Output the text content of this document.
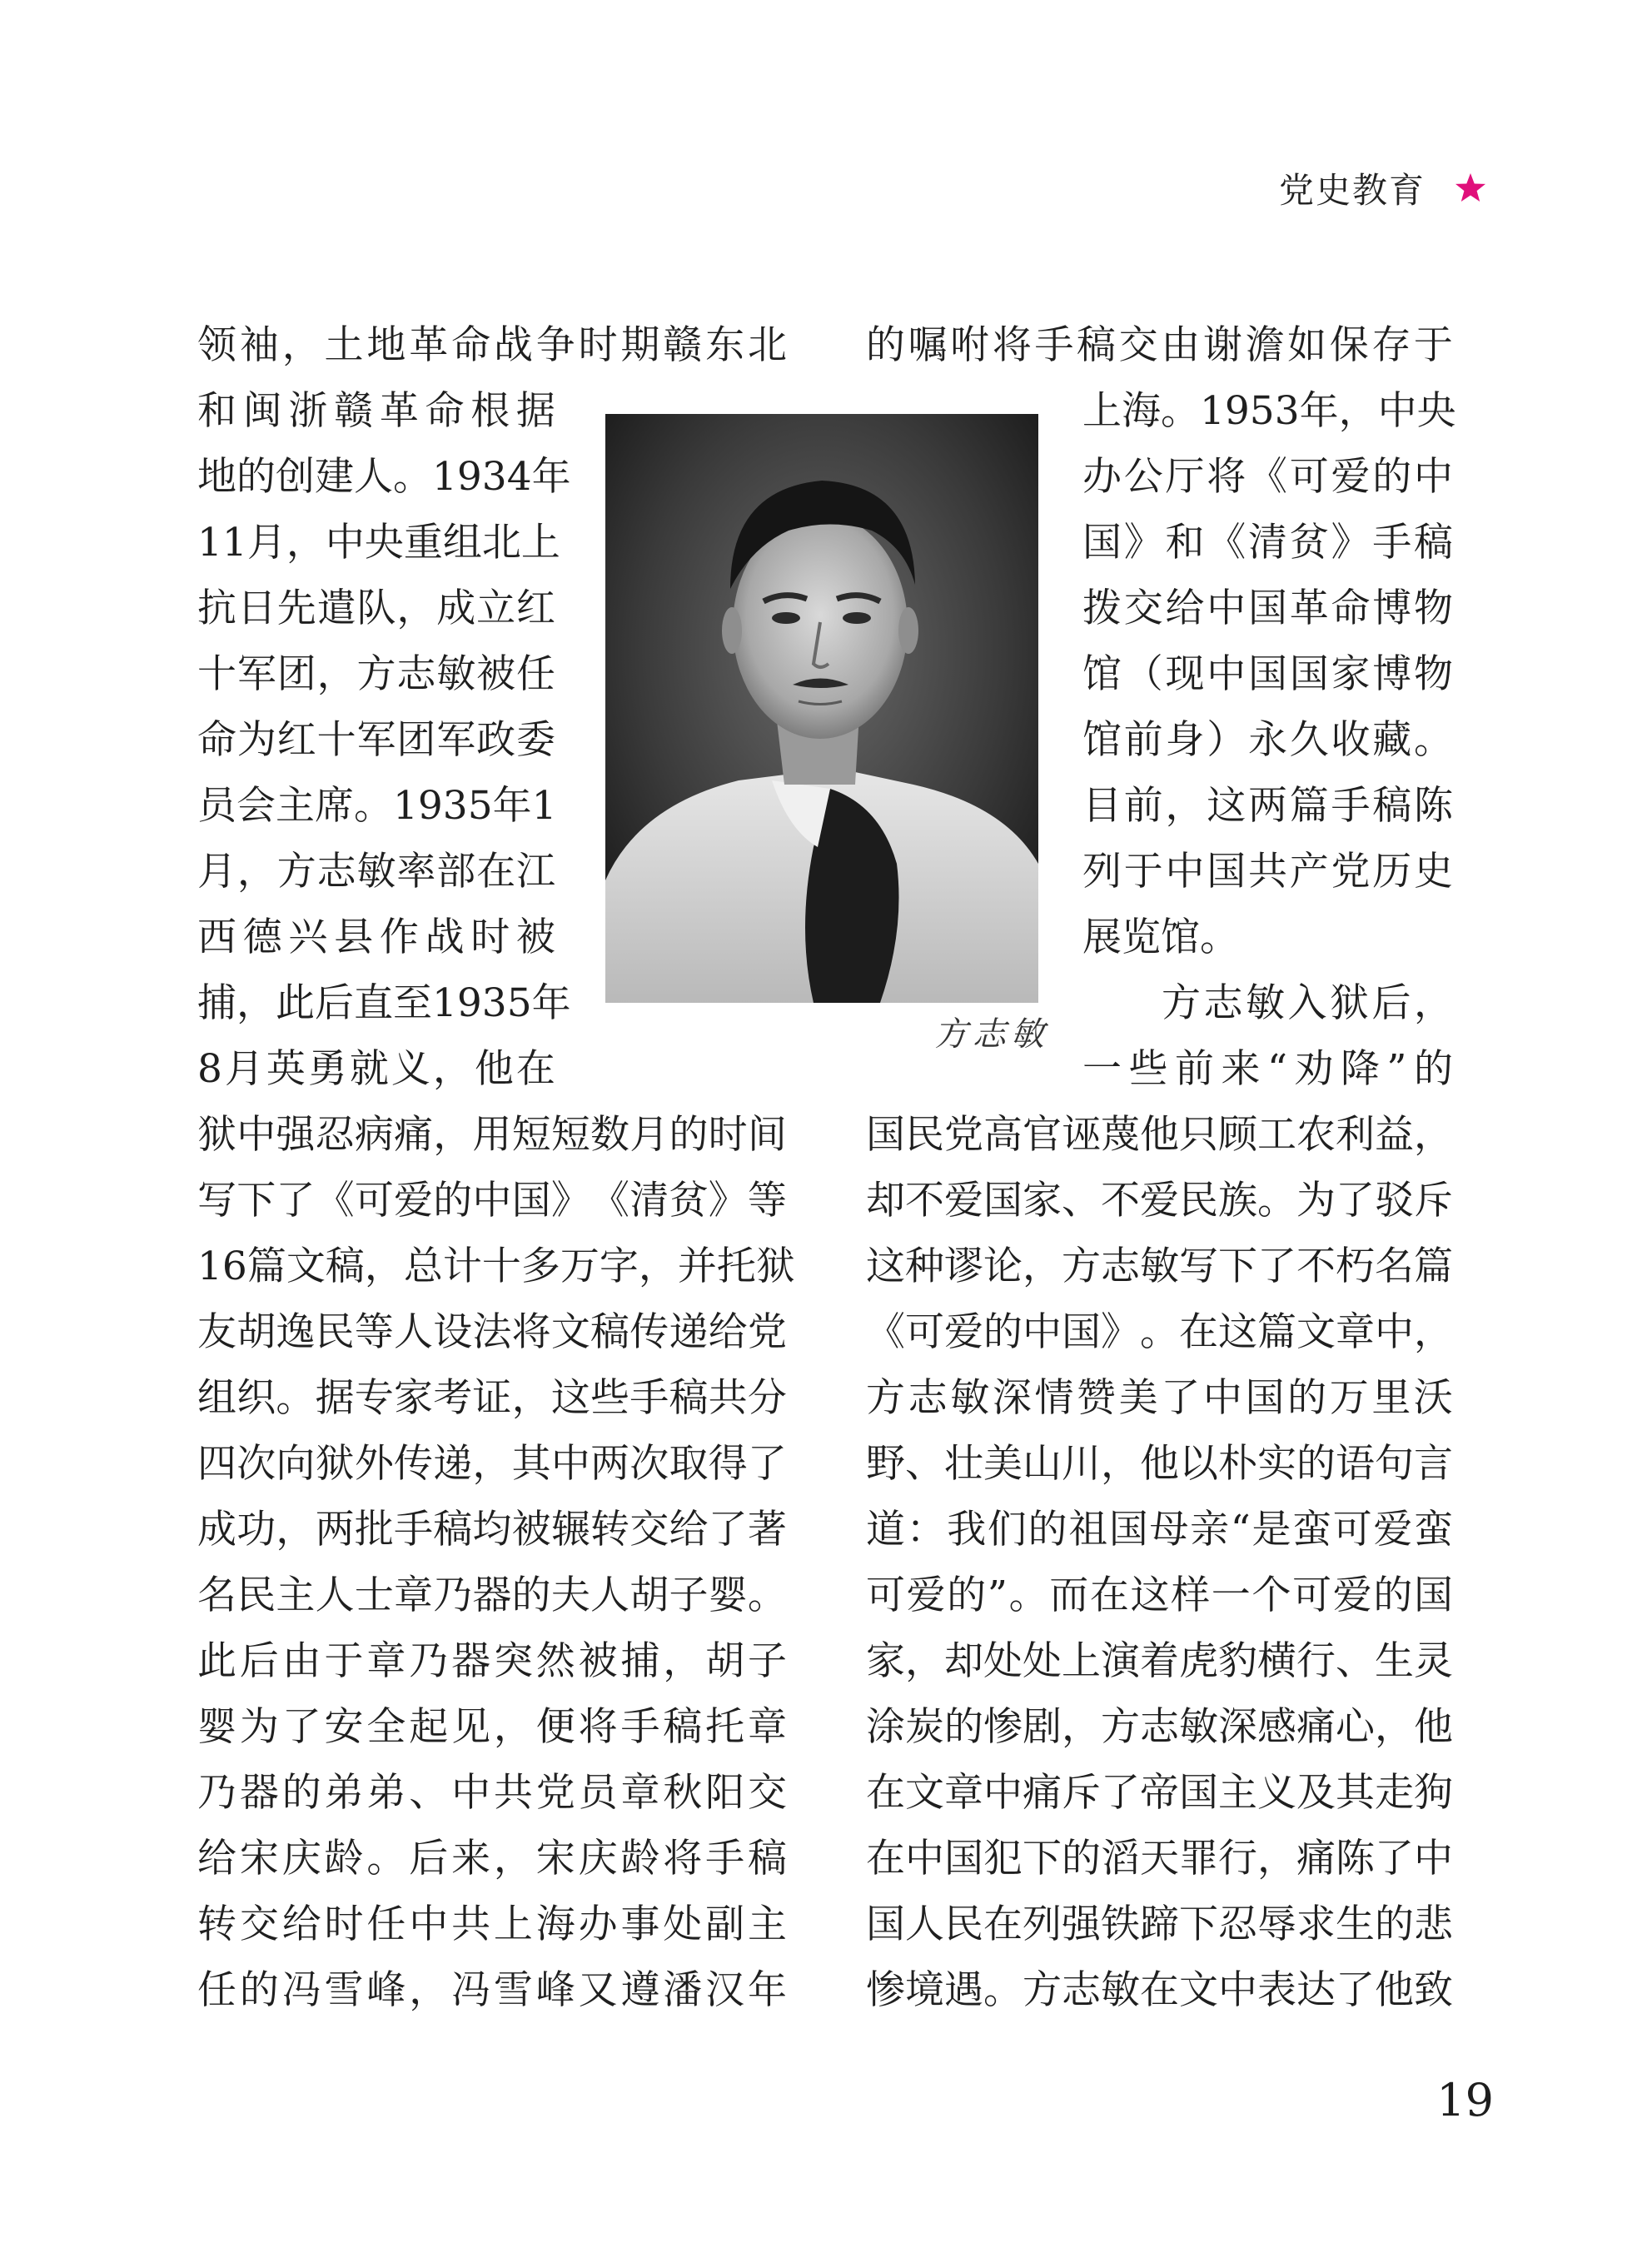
党史教育
领 袖 ， 土 地 革 命 战 争 时 期 赣 东 北
和 闽 浙 赣 革 命 根 据
地 的 创 建 人 。 1934 年
11 月 ， 中 央 重 组 北 上
抗 日 先 遣 队 ， 成 立 红
十 军 团 ， 方 志 敏 被 任
命 为 红 十 军 团 军 政 委
员 会 主 席 。 1935 年 1
月 ， 方 志 敏 率 部 在 江
西 德 兴 县 作 战 时 被
捕 ， 此 后 直 至 1935 年
8 月 英 勇 就 义 ， 他 在
狱 中 强 忍 病 痛 ， 用 短 短 数 月 的 时 间
写 下 了 《 可 爱 的 中 国 》 《 清 贫 》 等
16 篇 文 稿 ， 总 计 十 多 万 字 ， 并 托 狱
友 胡 逸 民 等 人 设 法 将 文 稿 传 递 给 党
组 织 。 据 专 家 考 证 ， 这 些 手 稿 共 分
四 次 向 狱 外 传 递 ， 其 中 两 次 取 得 了
成 功 ， 两 批 手 稿 均 被 辗 转 交 给 了 著
名 民 主 人 士 章 乃 器 的 夫 人 胡 子 婴 。
此 后 由 于 章 乃 器 突 然 被 捕 ， 胡 子
婴 为 了 安 全 起 见 ， 便 将 手 稿 托 章
乃 器 的 弟 弟 、 中 共 党 员 章 秋 阳 交
给 宋 庆 龄 。 后 来 ， 宋 庆 龄 将 手 稿
转 交 给 时 任 中 共 上 海 办 事 处 副 主
任 的 冯 雪 峰 ， 冯 雪 峰 又 遵 潘 汉 年
的 嘱 咐 将 手 稿 交 由 谢 澹 如 保 存 于
上 海 。 1953 年 ， 中 央
办 公 厅 将 《 可 爱 的 中
国 》 和 《 清 贫 》 手 稿
拨 交 给 中 国 革 命 博 物
馆 （ 现 中 国 国 家 博 物
馆 前 身 ） 永 久 收 藏 。
目 前 ， 这 两 篇 手 稿 陈
列 于 中 国 共 产 党 历 史
展览馆。
方 志 敏 入 狱 后 ，
一 些 前 来 “ 劝 降 ” 的
国 民 党 高 官 诬 蔑 他 只 顾 工 农 利 益 ，
却 不 爱 国 家 、 不 爱 民 族 。 为 了 驳 斥
这 种 谬 论 ， 方 志 敏 写 下 了 不 朽 名 篇
《 可 爱 的 中 国 》 。 在 这 篇 文 章 中 ，
方 志 敏 深 情 赞 美 了 中 国 的 万 里 沃
野 、 壮 美 山 川 ， 他 以 朴 实 的 语 句 言
道 ： 我 们 的 祖 国 母 亲 “ 是 蛮 可 爱 蛮
可 爱 的 ” 。 而 在 这 样 一 个 可 爱 的 国
家 ， 却 处 处 上 演 着 虎 豹 横 行 、 生 灵
涂 炭 的 惨 剧 ， 方 志 敏 深 感 痛 心 ， 他
在 文 章 中 痛 斥 了 帝 国 主 义 及 其 走 狗
在 中 国 犯 下 的 滔 天 罪 行 ， 痛 陈 了 中
国 人 民 在 列 强 铁 蹄 下 忍 辱 求 生 的 悲
惨 境 遇 。 方 志 敏 在 文 中 表 达 了 他 致
方志敏
19
